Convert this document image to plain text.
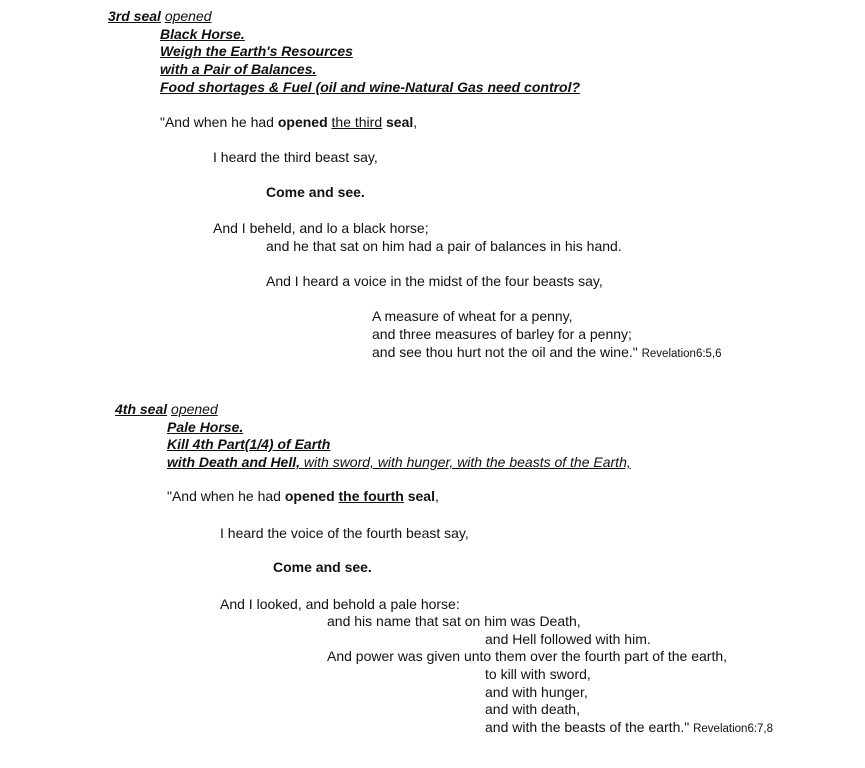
3rd seal opened
Black Horse.
Weigh the Earth's Resources
with a Pair of Balances.
Food shortages & Fuel (oil and wine-Natural Gas need control?
"And when he had opened the third seal,
I heard the third beast say,
Come and see.
And I beheld, and lo a black horse;
and he that sat on him had a pair of balances in his hand.
And I heard a voice in the midst of the four beasts say,
A measure of wheat for a penny,
and three measures of barley for a penny;
and see thou hurt not the oil and the wine." Revelation6:5,6
4th seal opened
Pale Horse.
Kill 4th Part(1/4) of Earth
with Death and Hell, with sword, with hunger, with the beasts of the Earth,
"And when he had opened the fourth seal,
I heard the voice of the fourth beast say,
Come and see.
And I looked, and behold a pale horse:
and his name that sat on him was Death,
and Hell followed with him.
And power was given unto them over the fourth part of the earth,
to kill with sword,
and with hunger,
and with death,
and with the beasts of the earth." Revelation6:7,8
